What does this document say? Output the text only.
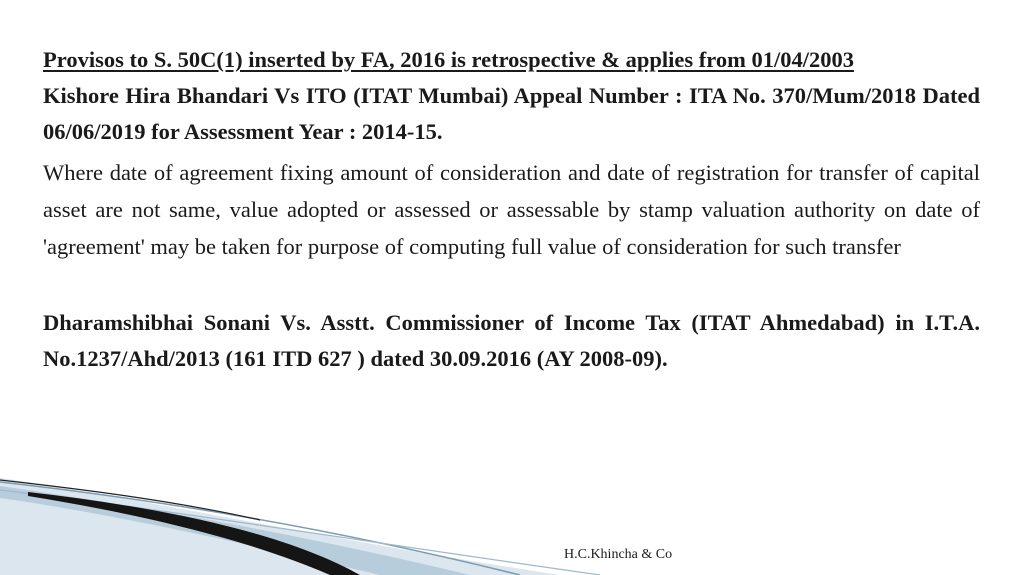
Provisos to S. 50C(1) inserted by FA, 2016 is retrospective & applies from 01/04/2003

Kishore Hira Bhandari Vs ITO (ITAT Mumbai) Appeal Number : ITA No. 370/Mum/2018 Dated 06/06/2019 for Assessment Year : 2014-15.

Where date of agreement fixing amount of consideration and date of registration for transfer of capital asset are not same, value adopted or assessed or assessable by stamp valuation authority on date of 'agreement' may be taken for purpose of computing full value of consideration for such transfer

Dharamshibhai Sonani Vs. Asstt. Commissioner of Income Tax (ITAT Ahmedabad) in I.T.A. No.1237/Ahd/2013 (161 ITD 627 ) dated 30.09.2016 (AY 2008-09).

H.C.Khincha & Co
